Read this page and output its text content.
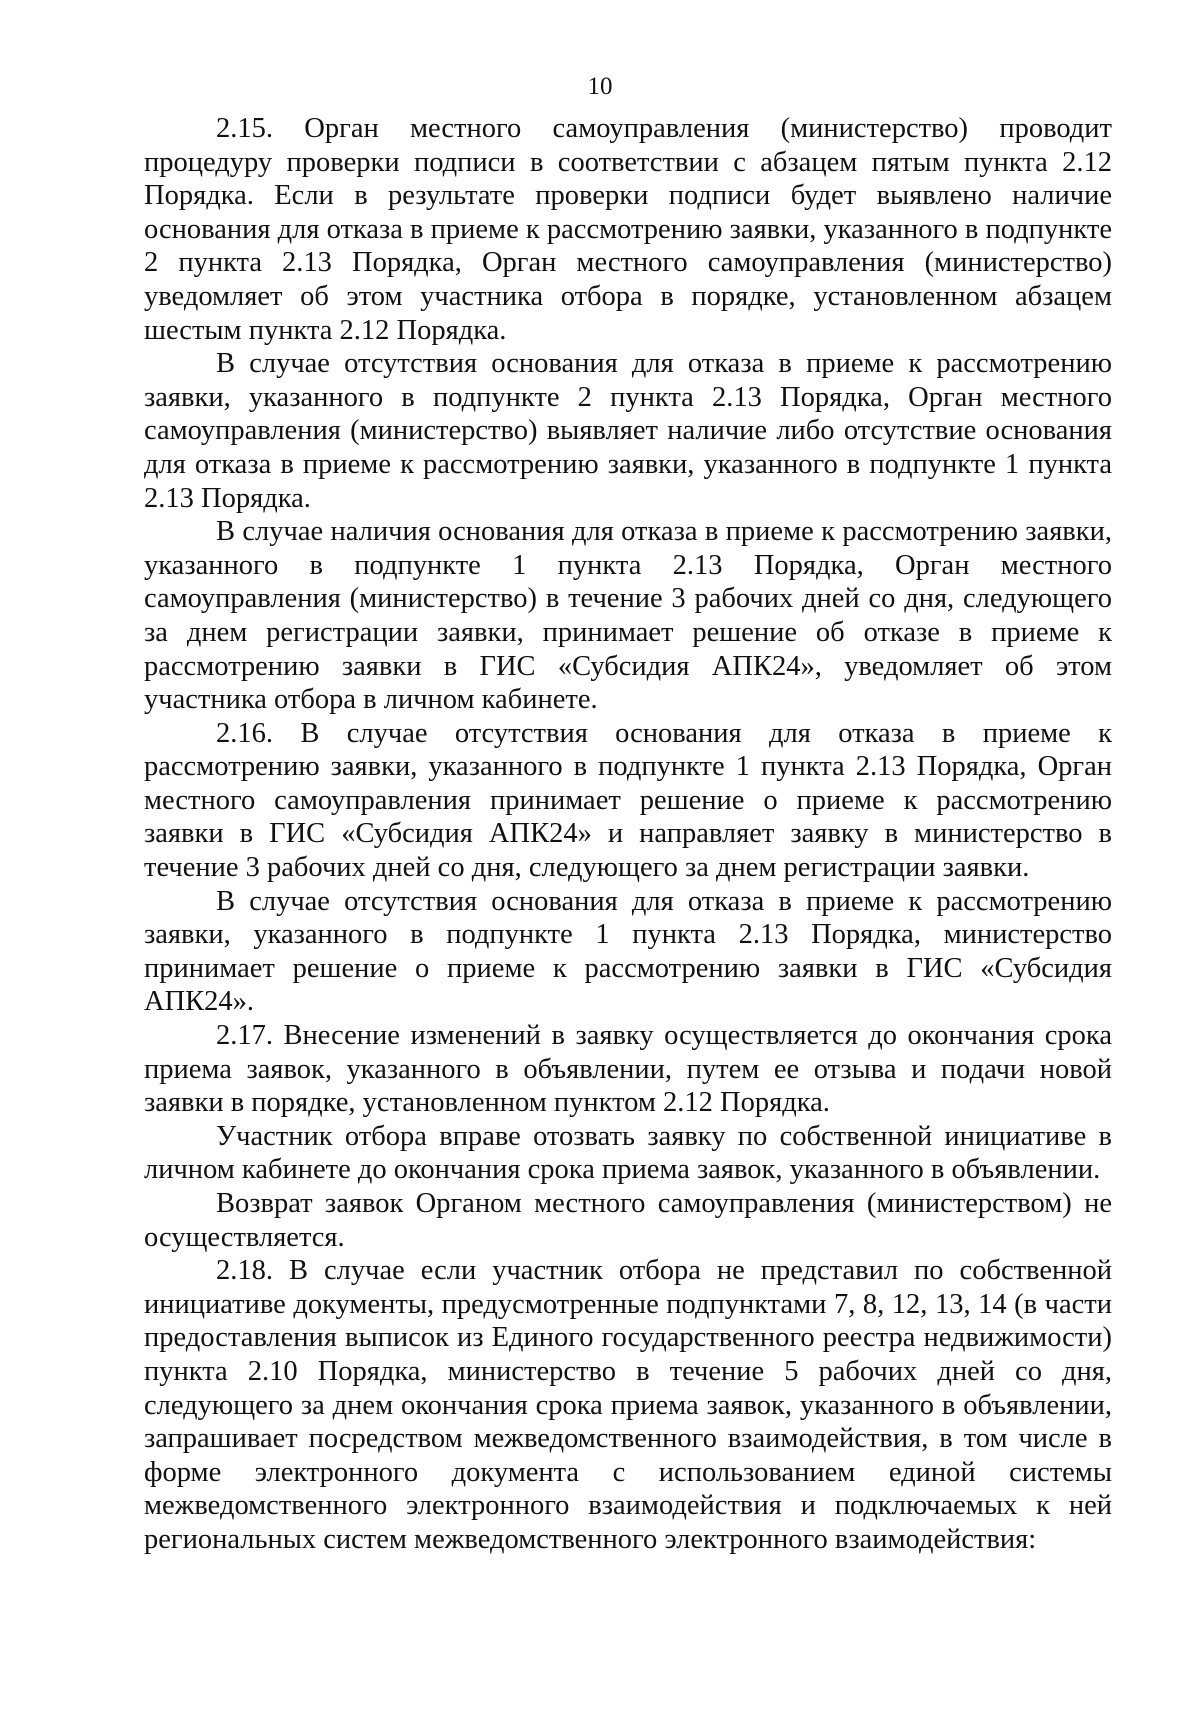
10

2.15. Орган местного самоуправления (министерство) проводит процедуру проверки подписи в соответствии с абзацем пятым пункта 2.12 Порядка. Если в результате проверки подписи будет выявлено наличие основания для отказа в приеме к рассмотрению заявки, указанного в подпункте 2 пункта 2.13 Порядка, Орган местного самоуправления (министерство) уведомляет об этом участника отбора в порядке, установленном абзацем шестым пункта 2.12 Порядка.

В случае отсутствия основания для отказа в приеме к рассмотрению заявки, указанного в подпункте 2 пункта 2.13 Порядка, Орган местного самоуправления (министерство) выявляет наличие либо отсутствие основания для отказа в приеме к рассмотрению заявки, указанного в подпункте 1 пункта 2.13 Порядка.

В случае наличия основания для отказа в приеме к рассмотрению заявки, указанного в подпункте 1 пункта 2.13 Порядка, Орган местного самоуправления (министерство) в течение 3 рабочих дней со дня, следующего за днем регистрации заявки, принимает решение об отказе в приеме к рассмотрению заявки в ГИС «Субсидия АПК24», уведомляет об этом участника отбора в личном кабинете.

2.16. В случае отсутствия основания для отказа в приеме к рассмотрению заявки, указанного в подпункте 1 пункта 2.13 Порядка, Орган местного самоуправления принимает решение о приеме к рассмотрению заявки в ГИС «Субсидия АПК24» и направляет заявку в министерство в течение 3 рабочих дней со дня, следующего за днем регистрации заявки.

В случае отсутствия основания для отказа в приеме к рассмотрению заявки, указанного в подпункте 1 пункта 2.13 Порядка, министерство принимает решение о приеме к рассмотрению заявки в ГИС «Субсидия АПК24».

2.17. Внесение изменений в заявку осуществляется до окончания срока приема заявок, указанного в объявлении, путем ее отзыва и подачи новой заявки в порядке, установленном пунктом 2.12 Порядка.

Участник отбора вправе отозвать заявку по собственной инициативе в личном кабинете до окончания срока приема заявок, указанного в объявлении.

Возврат заявок Органом местного самоуправления (министерством) не осуществляется.

2.18. В случае если участник отбора не представил по собственной инициативе документы, предусмотренные подпунктами 7, 8, 12, 13, 14 (в части предоставления выписок из Единого государственного реестра недвижимости) пункта 2.10 Порядка, министерство в течение 5 рабочих дней со дня, следующего за днем окончания срока приема заявок, указанного в объявлении, запрашивает посредством межведомственного взаимодействия, в том числе в форме электронного документа с использованием единой системы межведомственного электронного взаимодействия и подключаемых к ней региональных систем межведомственного электронного взаимодействия:
